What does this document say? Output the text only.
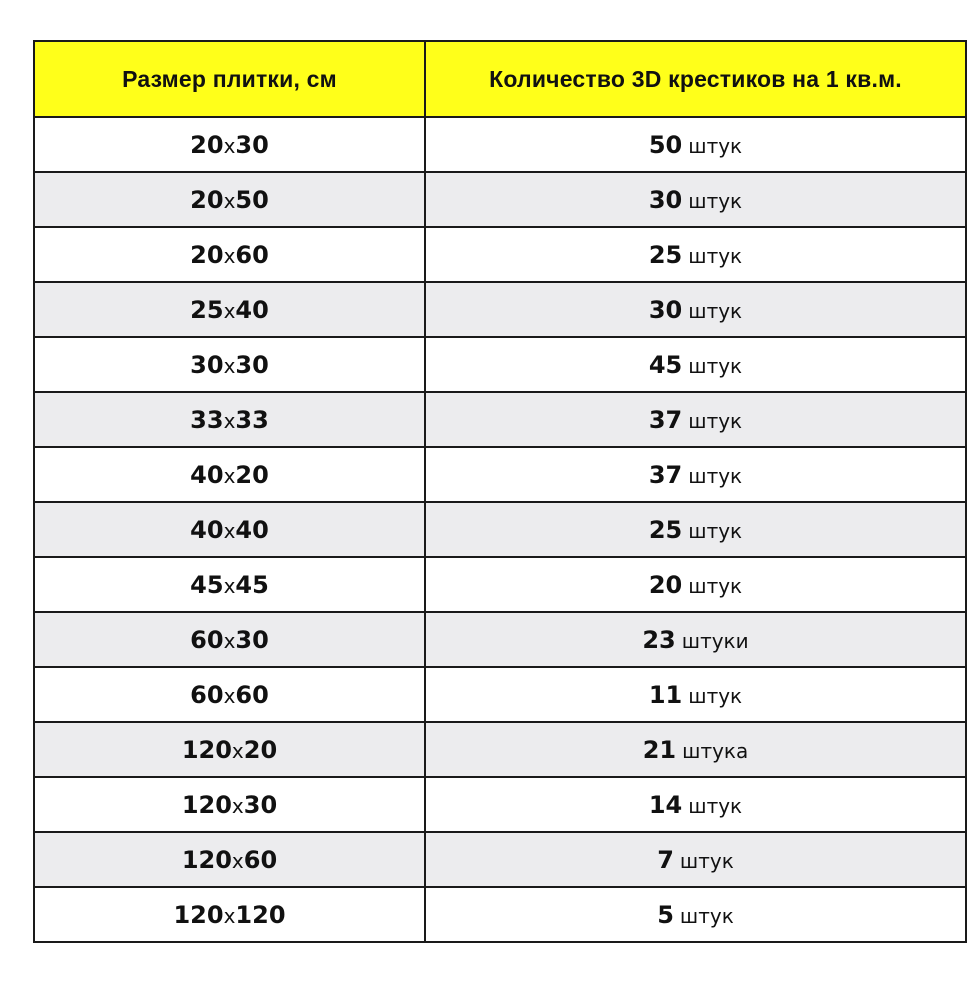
Размер плитки, см	Количество 3D крестиков на 1 кв.м.
20x30	50 штук
20x50	30 штук
20x60	25 штук
25x40	30 штук
30x30	45 штук
33x33	37 штук
40x20	37 штук
40x40	25 штук
45x45	20 штук
60x30	23 штуки
60x60	11 штук
120x20	21 штука
120x30	14 штук
120x60	7 штук
120x120	5 штук
